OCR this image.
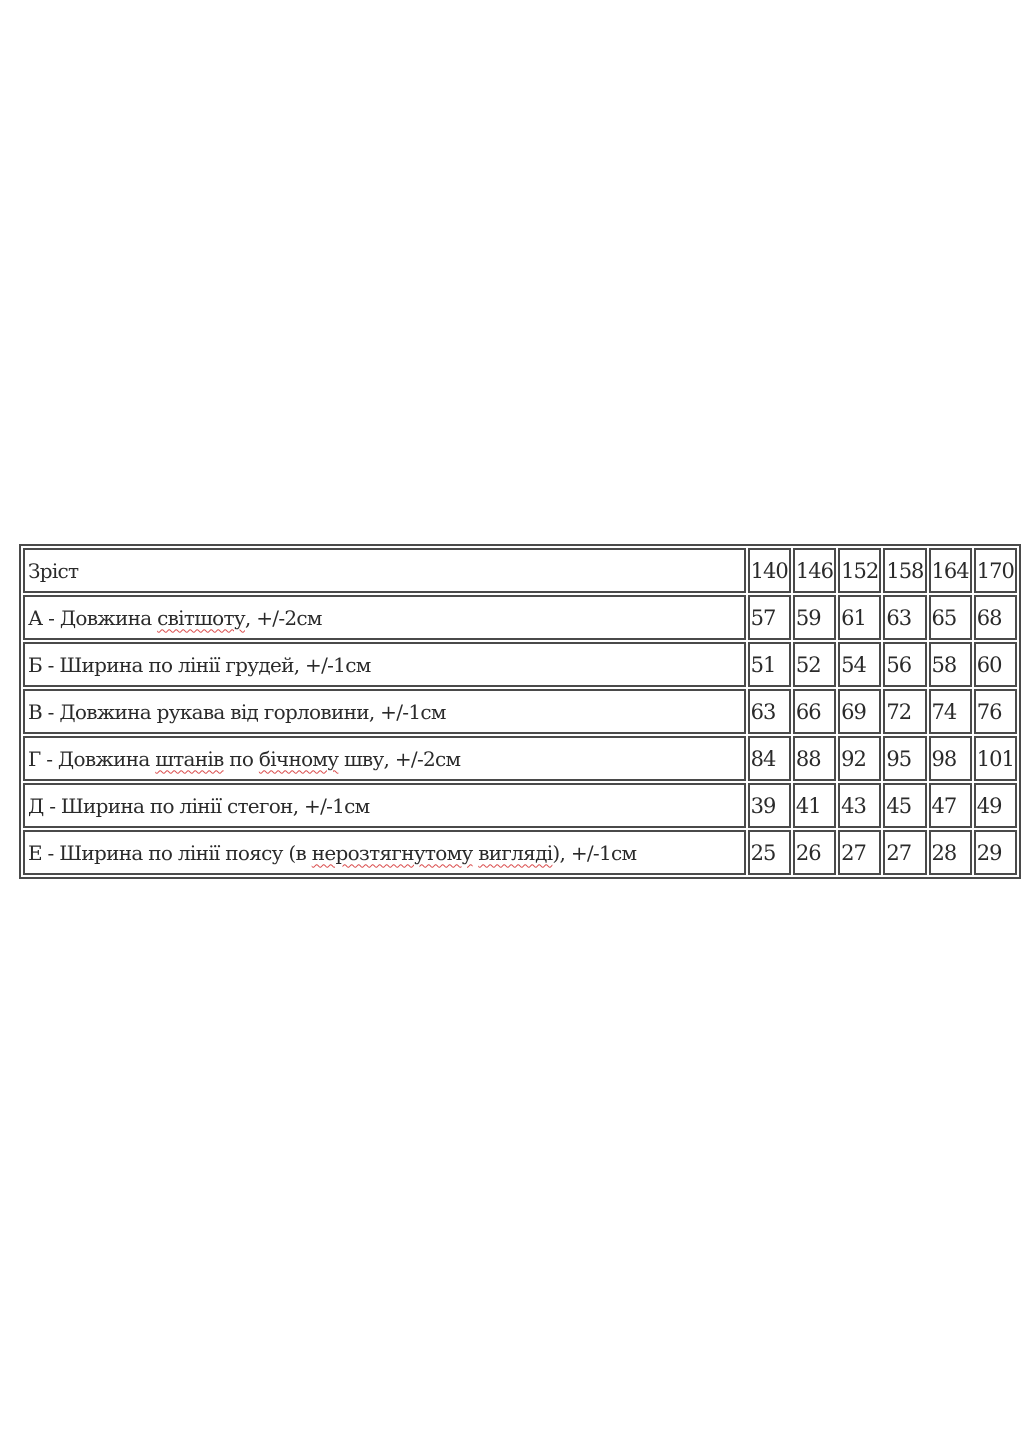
Зріст	140	146	152	158	164	170
А - Довжина світшоту, +/-2см	57	59	61	63	65	68
Б - Ширина по лінії грудей, +/-1см	51	52	54	56	58	60
В - Довжина рукава від горловини, +/-1см	63	66	69	72	74	76
Г - Довжина штанів по бічному шву, +/-2см	84	88	92	95	98	101
Д - Ширина по лінії стегон, +/-1см	39	41	43	45	47	49
Е - Ширина по лінії поясу (в нерозтягнутому вигляді), +/-1см	25	26	27	27	28	29
